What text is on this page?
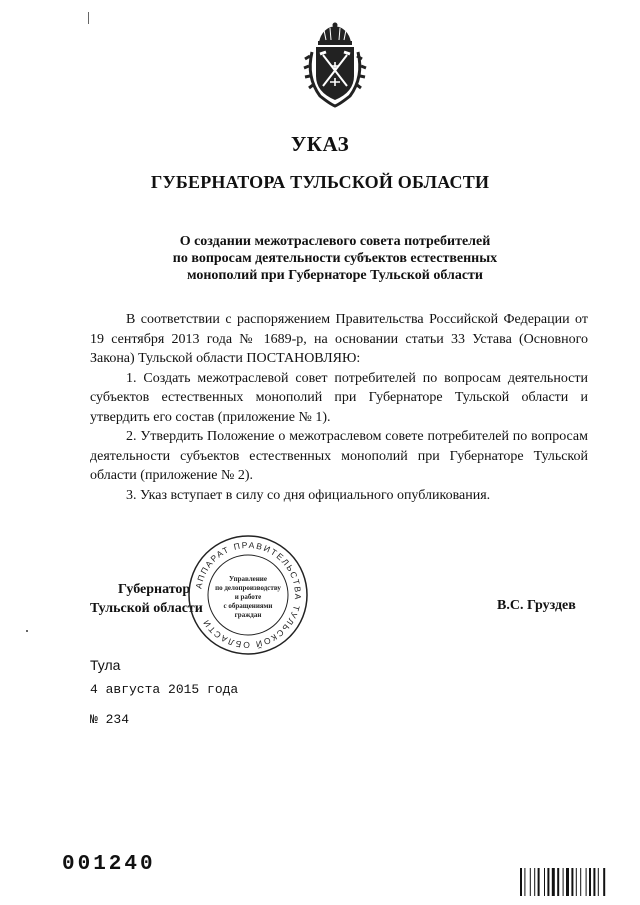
УКАЗ
ГУБЕРНАТОРА ТУЛЬСКОЙ ОБЛАСТИ
О создании межотраслевого совета потребителей
по вопросам деятельности субъектов естественных
монополий при Губернаторе Тульской области

В соответствии с распоряжением Правительства Российской Федерации от 19 сентября 2013 года № 1689-р, на основании статьи 33 Устава (Основного Закона) Тульской области ПОСТАНОВЛЯЮ:

1. Создать межотраслевой совет потребителей по вопросам деятельности субъектов естественных монополий при Губернаторе Тульской области и утвердить его состав (приложение № 1).

2. Утвердить Положение о межотраслевом совете потребителей по вопросам деятельности субъектов естественных монополий при Губернаторе Тульской области (приложение № 2).

3. Указ вступает в силу со дня официального опубликования.

Губернатор
Тульской области	В.С. Груздев
АППАРАТ ПРАВИТЕЛЬСТВА ТУЛЬСКОЙ ОБЛАСТИ
Управление
по делопроизводству
и работе
с обращениями
граждан
Тула
4 августа 2015 года
№ 234
001240
